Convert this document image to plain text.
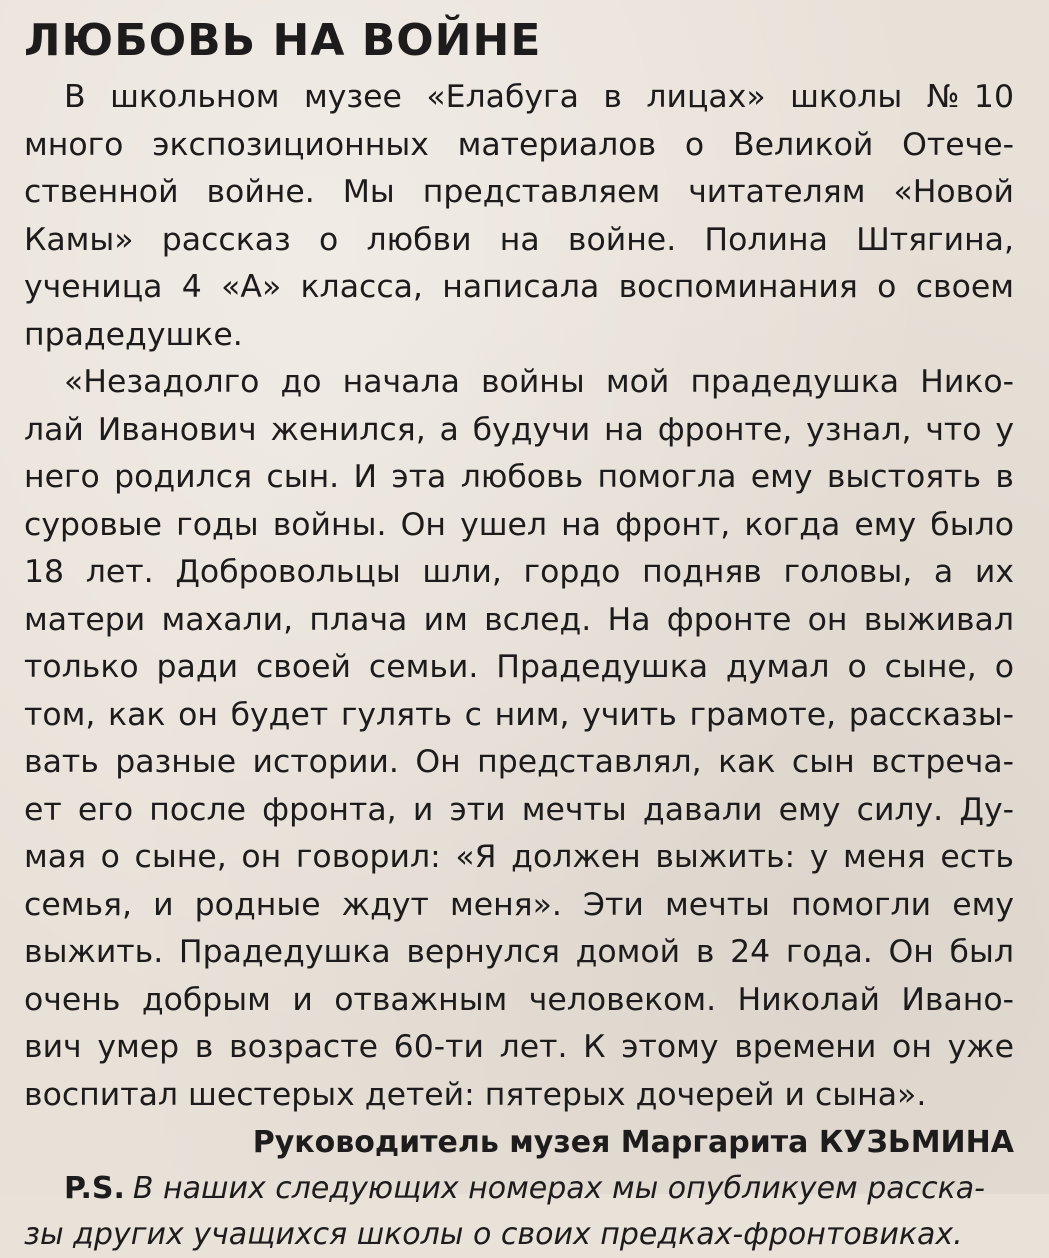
ЛЮБОВЬ НА ВОЙНЕ
В школьном музее «Елабуга в лицах» школы №10
много экспозиционных материалов о Великой Отече-
ственной войне. Мы представляем читателям «Новой
Камы» рассказ о любви на войне. Полина Штягина,
ученица 4 «А» класса, написала воспоминания о своем
прадедушке.
«Незадолго до начала войны мой прадедушка Нико-
лай Иванович женился, а будучи на фронте, узнал, что у
него родился сын. И эта любовь помогла ему выстоять в
суровые годы войны. Он ушел на фронт, когда ему было
18 лет. Добровольцы шли, гордо подняв головы, а их
матери махали, плача им вслед. На фронте он выживал
только ради своей семьи. Прадедушка думал о сыне, о
том, как он будет гулять с ним, учить грамоте, рассказы-
вать разные истории. Он представлял, как сын встреча-
ет его после фронта, и эти мечты давали ему силу. Ду-
мая о сыне, он говорил: «Я должен выжить: у меня есть
семья, и родные ждут меня». Эти мечты помогли ему
выжить. Прадедушка вернулся домой в 24 года. Он был
очень добрым и отважным человеком. Николай Ивано-
вич умер в возрасте 60-ти лет. К этому времени он уже
воспитал шестерых детей: пятерых дочерей и сына».
Руководитель музея Маргарита КУЗЬМИНА
P.S. В наших следующих номерах мы опубликуем расска-
зы других учащихся школы о своих предках-фронтовиках.
